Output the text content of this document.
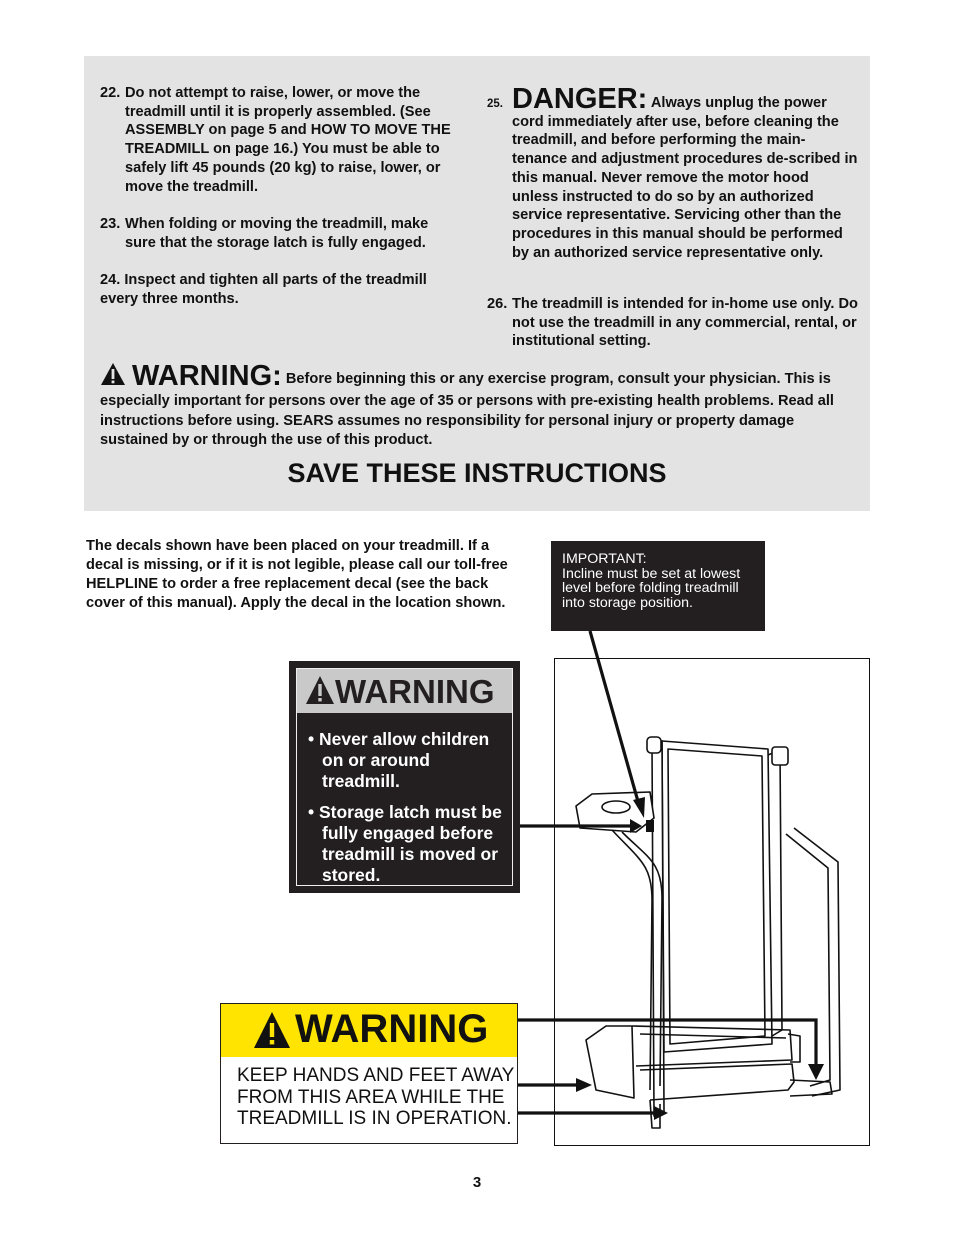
22. Do not attempt to raise, lower, or move the treadmill until it is properly assembled. (See ASSEMBLY on page 5 and HOW TO MOVE THE TREADMILL on page 16.) You must be able to safely lift 45 pounds (20 kg) to raise, lower, or move the treadmill.
23. When folding or moving the treadmill, make sure that the storage latch is fully engaged.
24. Inspect and tighten all parts of the treadmill every three months.
25. DANGER: Always unplug the power cord immediately after use, before cleaning the treadmill, and before performing the main-tenance and adjustment procedures de-scribed in this manual. Never remove the motor hood unless instructed to do so by an authorized service representative. Servicing other than the procedures in this manual should be performed by an authorized service representative only.
26. The treadmill is intended for in-home use only. Do not use the treadmill in any commercial, rental, or institutional setting.
WARNING: Before beginning this or any exercise program, consult your physician. This is especially important for persons over the age of 35 or persons with pre-existing health problems. Read all instructions before using. SEARS assumes no responsibility for personal injury or property damage sustained by or through the use of this product.
SAVE THESE INSTRUCTIONS
The decals shown have been placed on your treadmill. If a decal is missing, or if it is not legible, please call our toll-free HELPLINE to order a free replacement decal (see the back cover of this manual). Apply the decal in the location shown.
IMPORTANT:
Incline must be set at lowest
level before folding treadmill
into storage position.
WARNING
• Never allow children on or around treadmill.
• Storage latch must be fully engaged before treadmill is moved or stored.
WARNING
KEEP HANDS AND FEET AWAY
FROM THIS AREA WHILE THE
TREADMILL IS IN OPERATION.
3
